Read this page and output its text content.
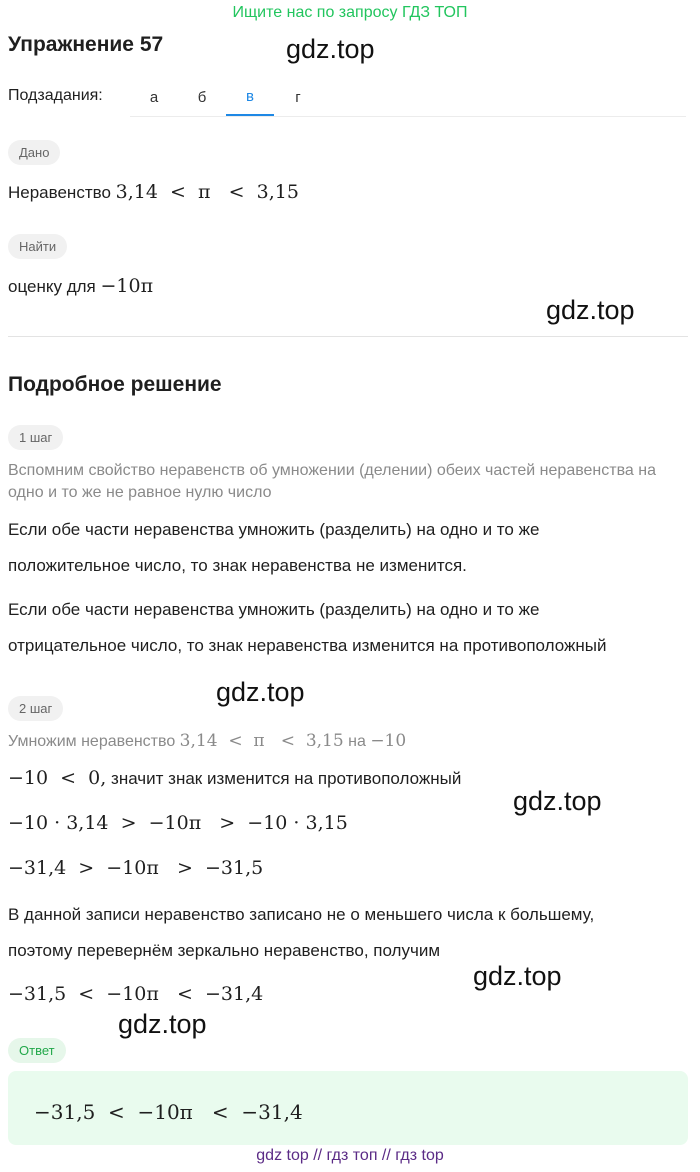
Ищите нас по запросу ГДЗ ТОП
Упражнение 57	gdz.top
Подзадания:	а	б	в	г
Дано
Неравенство 3,14  <  π   <  3,15
Найти
оценку для −10π
gdz.top
Подробное решение
1 шаг
Вспомним свойство неравенств об умножении (делении) обеих частей неравенства на
одно и то же не равное нулю число
Если обе части неравенства умножить (разделить) на одно и то же
положительное число, то знак неравенства не изменится.
Если обе части неравенства умножить (разделить) на одно и то же
отрицательное число, то знак неравенства изменится на противоположный
gdz.top
2 шаг
Умножим неравенство 3,14  <  π   <  3,15 на −10
−10  <  0, значит знак изменится на противоположный
gdz.top
−10 · 3,14  >  −10π   >  −10 · 3,15
−31,4  >  −10π   >  −31,5
В данной записи неравенство записано не о меньшего числа к большему,
поэтому перевернём зеркально неравенство, получим
gdz.top
−31,5  <  −10π   <  −31,4
gdz.top
Ответ
−31,5  <  −10π   <  −31,4
gdz top // гдз топ // гдз top
